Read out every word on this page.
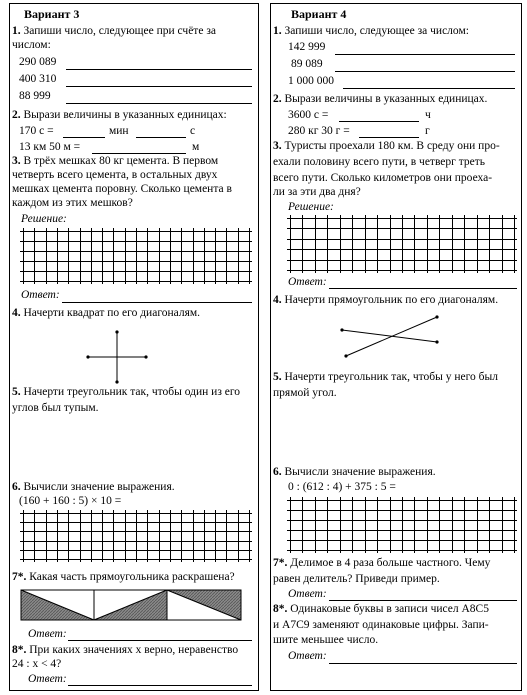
Вариант 3
1. Запиши число, следующее при счёте за
числом:
290 089
400 310
88 999
2. Вырази величины в указанных единицах:
170 с =	мин	с
13 км 50 м =	м
3. В трёх мешках 80 кг цемента. В первом
четверть всего цемента, в остальных двух
мешках цемента поровну. Сколько цемента в
каждом из этих мешков?
Решение:
Ответ:
4. Начерти квадрат по его диагоналям.
5. Начерти треугольник так, чтобы один из его
углов был тупым.
6. Вычисли значение выражения.
(160 + 160 : 5) × 10 =
7*. Какая часть прямоугольника раскрашена?
Ответ:
8*. При каких значениях x верно, неравенство
24 : x < 4?
Ответ:
Вариант 4
1. Запиши число, следующее за числом:
142 999
89 089
1 000 000
2. Вырази величины в указанных единицах.
3600 с =	ч
280 кг 30 г =	г
3. Туристы проехали 180 км. В среду они про-
ехали половину всего пути, в четверг треть
всего пути. Сколько километров они проеха-
ли за эти два дня?
Решение:
Ответ:
4. Начерти прямоугольник по его диагоналям.
5. Начерти треугольник так, чтобы у него был
прямой угол.
6. Вычисли значение выражения.
0 : (612 : 4) + 375 : 5 =
7*. Делимое в 4 раза больше частного. Чему
равен делитель? Приведи пример.
Ответ:
8*. Одинаковые буквы в записи чисел А8С5
и А7С9 заменяют одинаковые цифры. Запи-
шите меньшее число.
Ответ:
